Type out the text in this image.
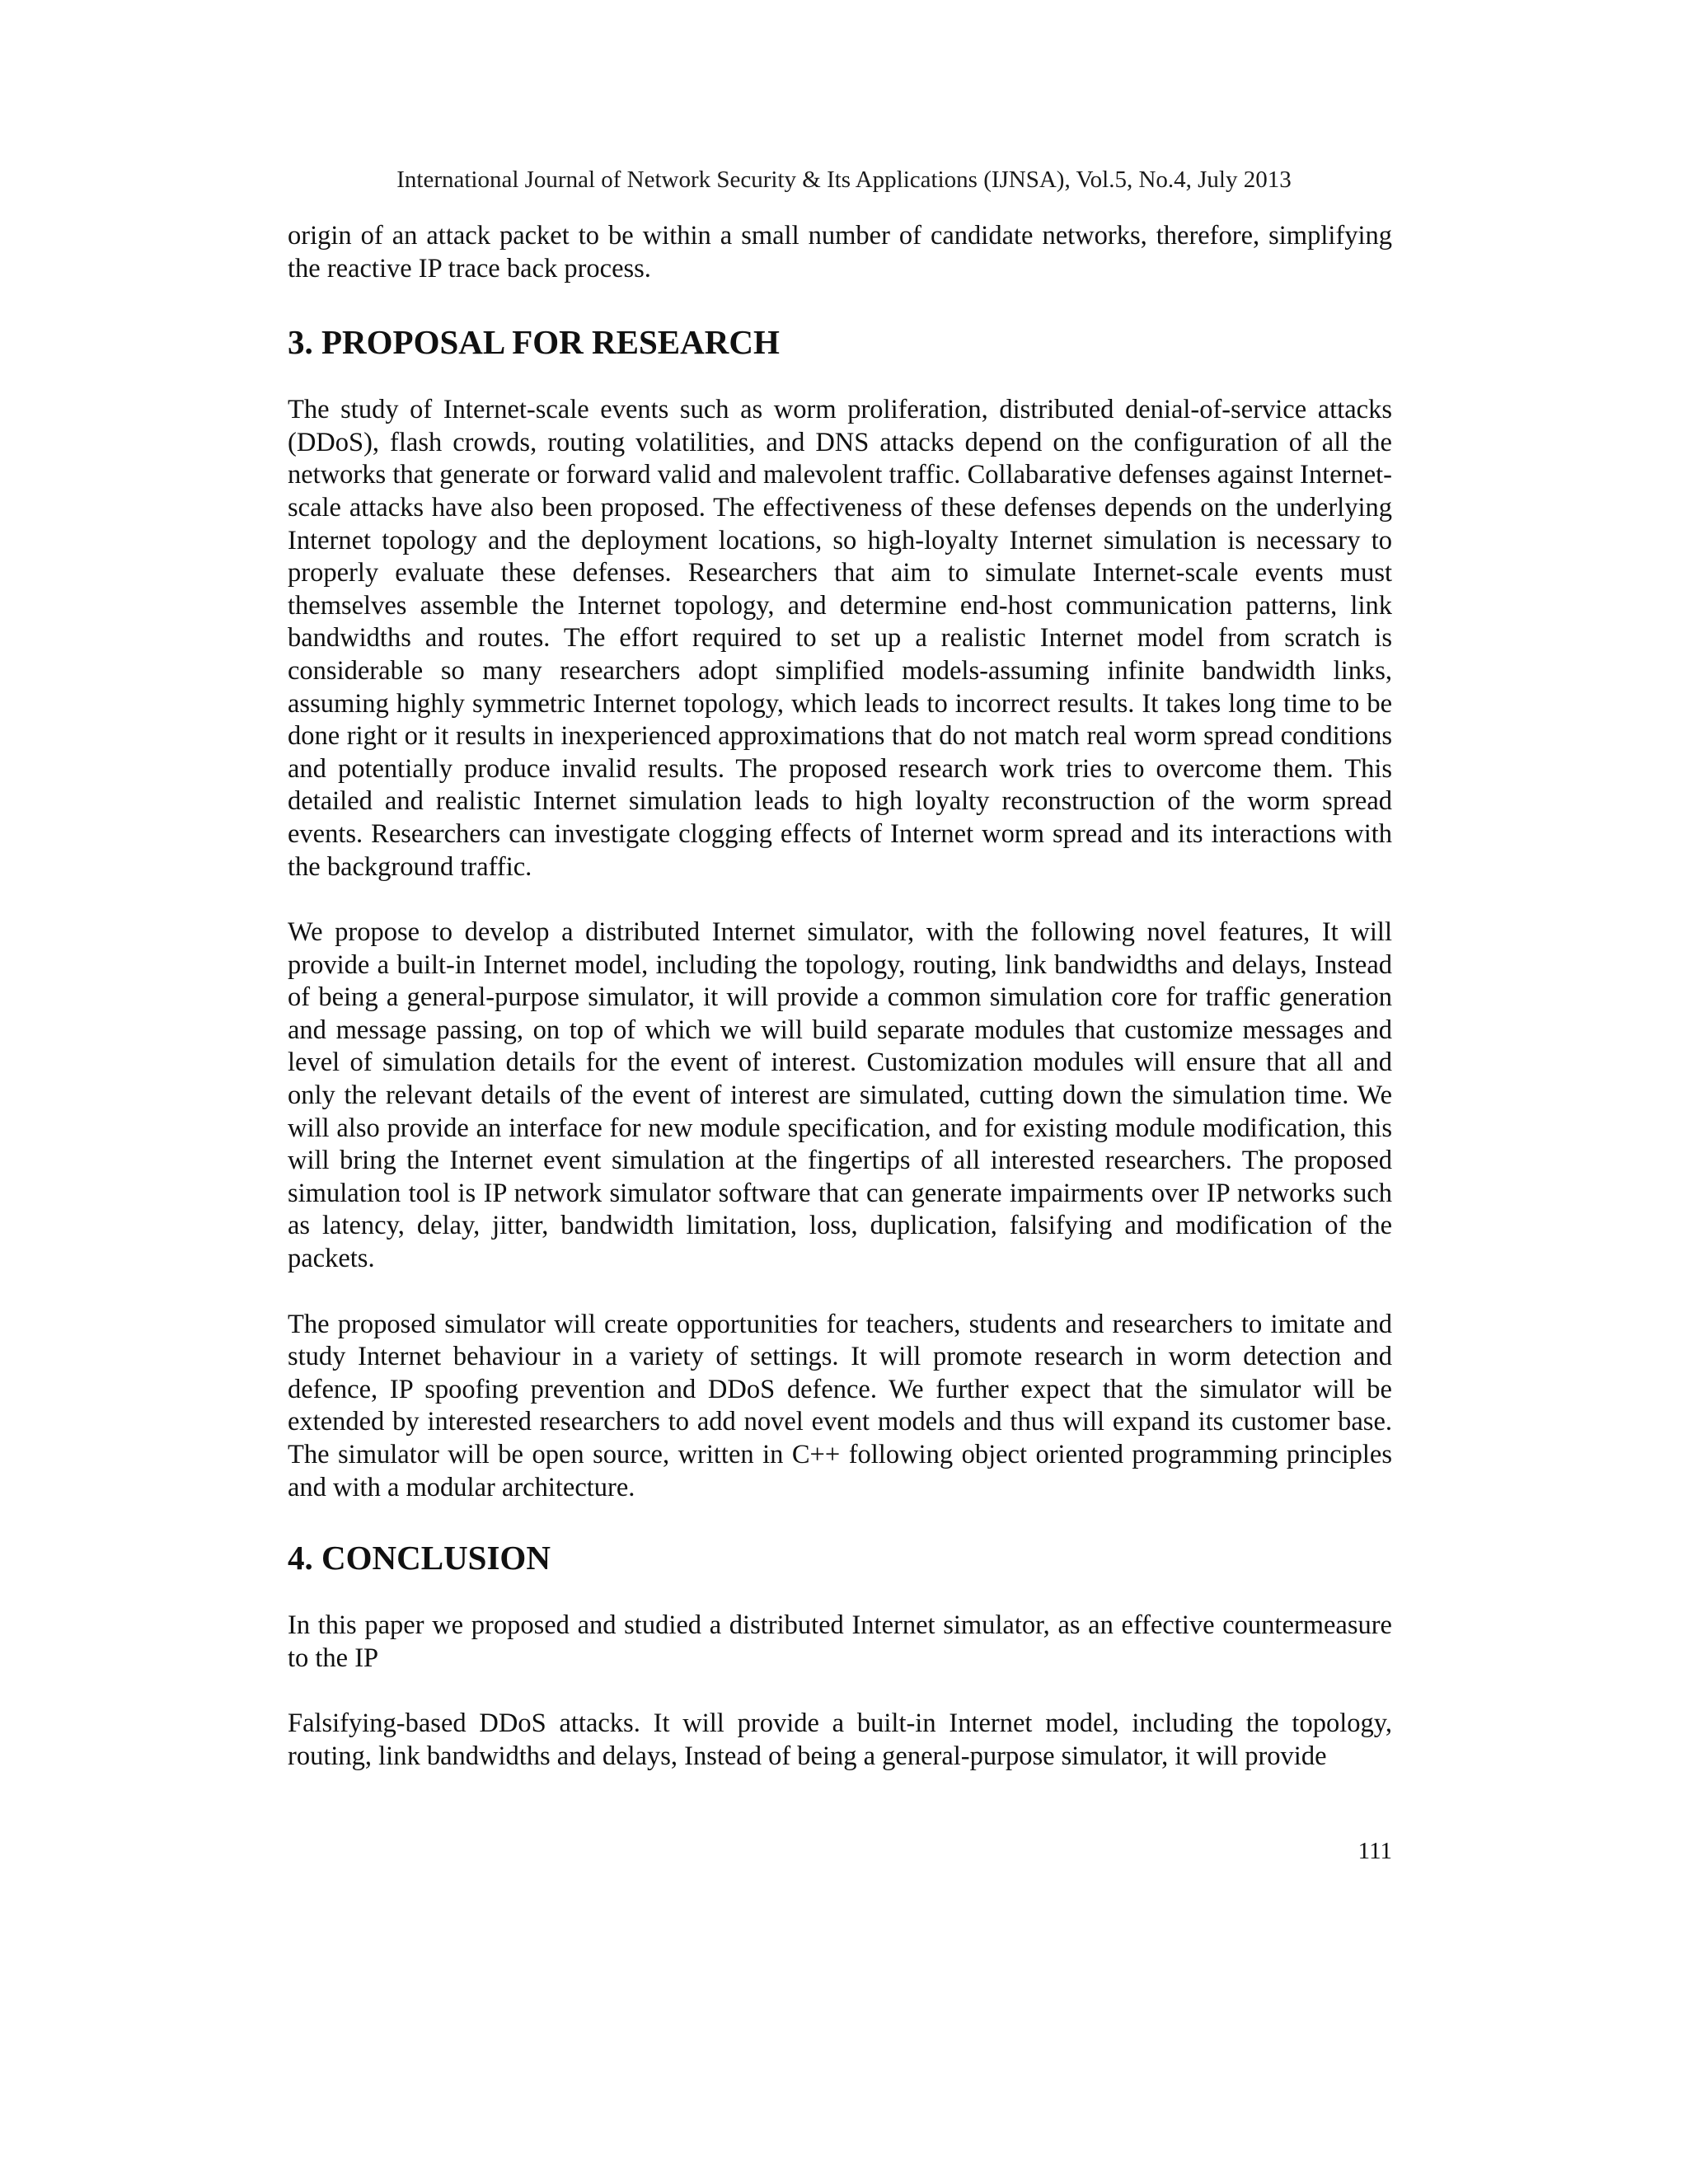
International Journal of Network Security & Its Applications (IJNSA), Vol.5, No.4, July 2013

origin of an attack packet to be within a small number of candidate networks, therefore, simplifying the reactive IP trace back process.

3. PROPOSAL FOR RESEARCH

The study of Internet-scale events such as worm proliferation, distributed denial-of-service attacks (DDoS), flash crowds, routing volatilities, and DNS attacks depend on the configuration of all the networks that generate or forward valid and malevolent traffic. Collabarative defenses against Internet-scale attacks have also been proposed. The effectiveness of these defenses depends on the underlying Internet topology and the deployment locations, so high-loyalty Internet simulation is necessary to properly evaluate these defenses. Researchers that aim to simulate Internet-scale events must themselves assemble the Internet topology, and determine end-host communication patterns, link bandwidths and routes. The effort required to set up a realistic Internet model from scratch is considerable so many researchers adopt simplified models-assuming infinite bandwidth links, assuming highly symmetric Internet topology, which leads to incorrect results. It takes long time to be done right or it results in inexperienced approximations that do not match real worm spread conditions and potentially produce invalid results. The proposed research work tries to overcome them. This detailed and realistic Internet simulation leads to high loyalty reconstruction of the worm spread events. Researchers can investigate clogging effects of Internet worm spread and its interactions with the background traffic.

We propose to develop a distributed Internet simulator, with the following novel features, It will provide a built-in Internet model, including the topology, routing, link bandwidths and delays, Instead of being a general-purpose simulator, it will provide a common simulation core for traffic generation and message passing, on top of which we will build separate modules that customize messages and level of simulation details for the event of interest. Customization modules will ensure that all and only the relevant details of the event of interest are simulated, cutting down the simulation time. We will also provide an interface for new module specification, and for existing module modification, this will bring the Internet event simulation at the fingertips of all interested researchers. The proposed simulation tool is IP network simulator software that can generate impairments over IP networks such as latency, delay, jitter, bandwidth limitation, loss, duplication, falsifying and modification of the packets.

The proposed simulator will create opportunities for teachers, students and researchers to imitate and study Internet behaviour in a variety of settings. It will promote research in worm detection and defence, IP spoofing prevention and DDoS defence. We further expect that the simulator will be extended by interested researchers to add novel event models and thus will expand its customer base. The simulator will be open source, written in C++ following object oriented programming principles and with a modular architecture.

4. CONCLUSION

In this paper we proposed and studied a distributed Internet simulator, as an effective countermeasure to the IP

Falsifying-based DDoS attacks. It will provide a built-in Internet model, including the topology, routing, link bandwidths and delays, Instead of being a general-purpose simulator, it will provide

111
